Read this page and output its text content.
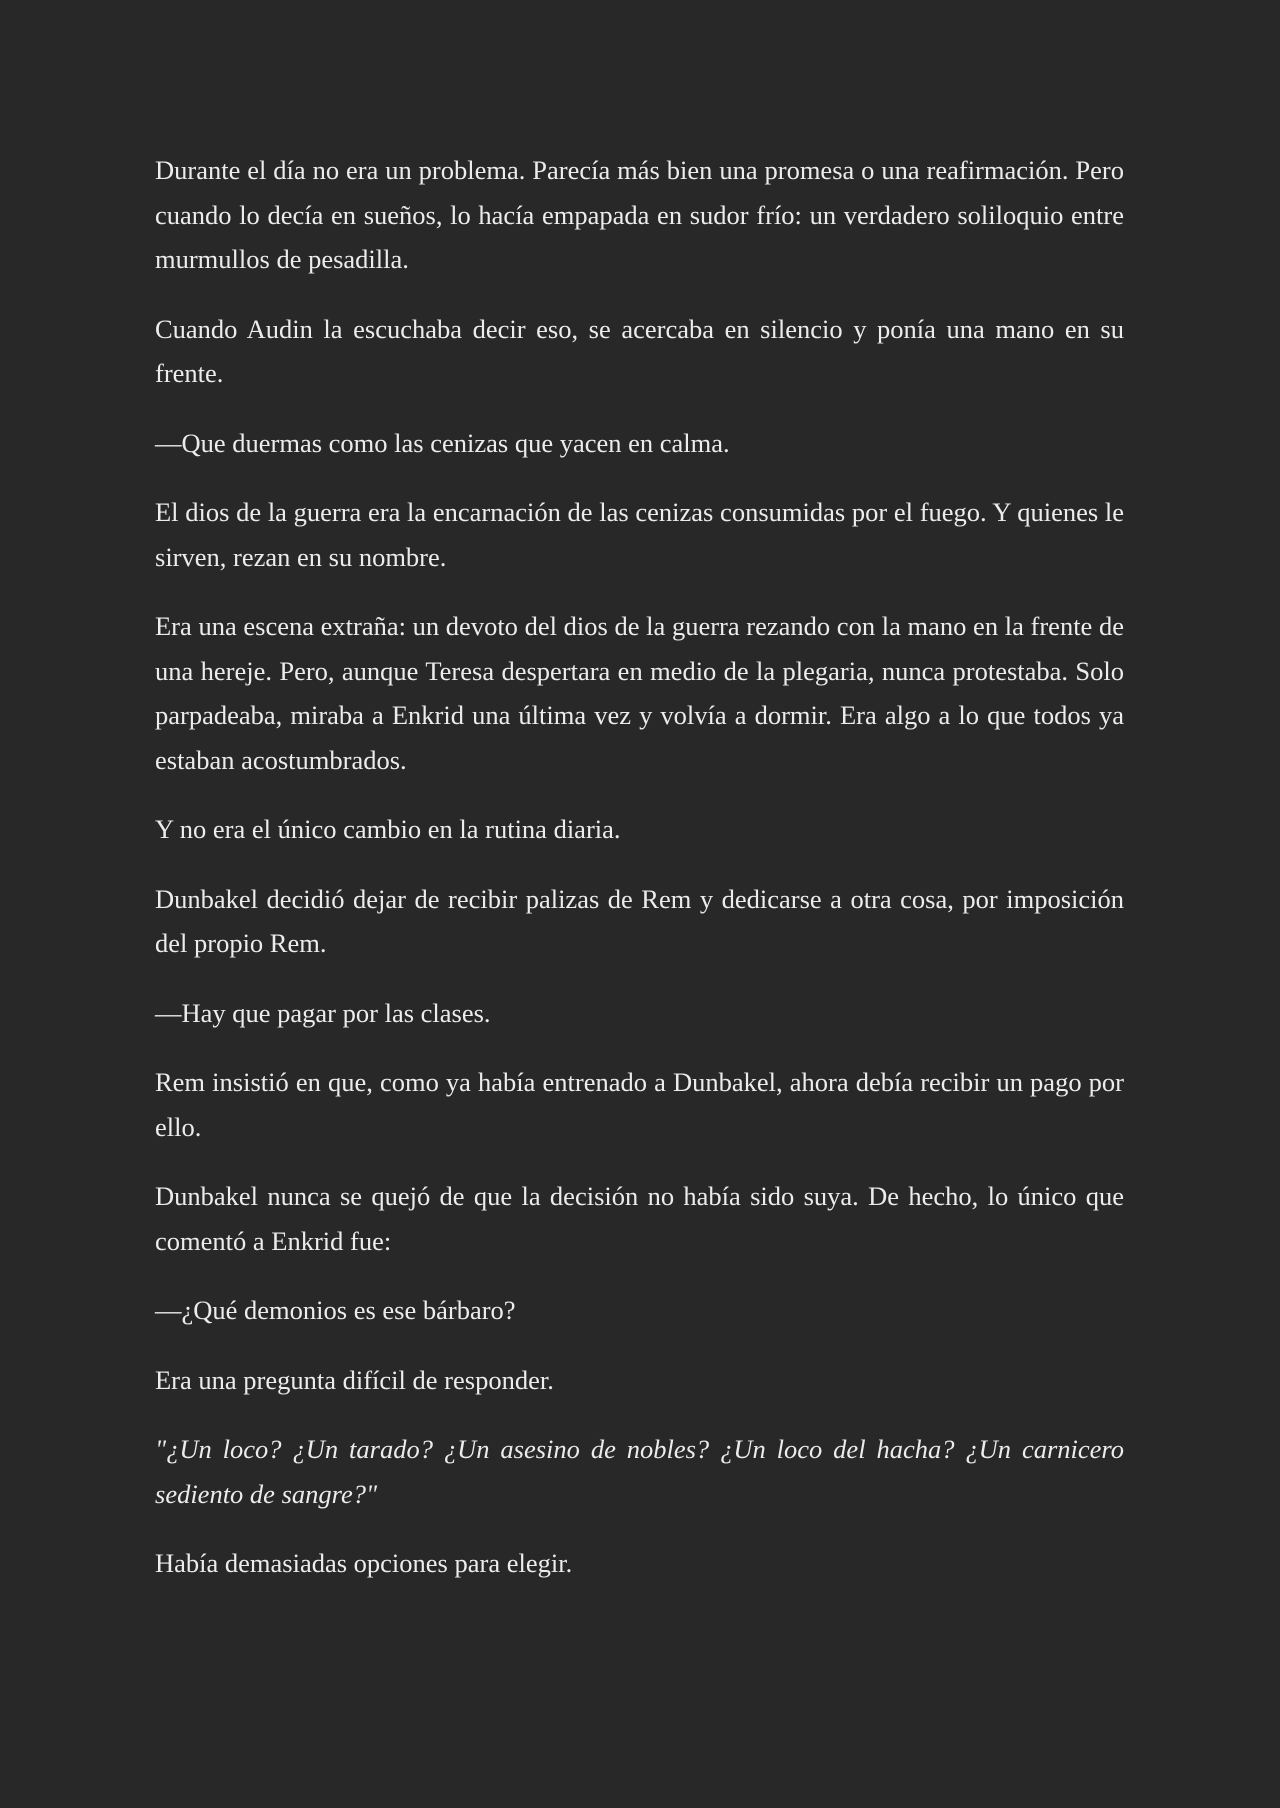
Durante el día no era un problema. Parecía más bien una promesa o una reafirmación. Pero cuando lo decía en sueños, lo hacía empapada en sudor frío: un verdadero soliloquio entre murmullos de pesadilla.

Cuando Audin la escuchaba decir eso, se acercaba en silencio y ponía una mano en su frente.

—Que duermas como las cenizas que yacen en calma.

El dios de la guerra era la encarnación de las cenizas consumidas por el fuego. Y quienes le sirven, rezan en su nombre.

Era una escena extraña: un devoto del dios de la guerra rezando con la mano en la frente de una hereje. Pero, aunque Teresa despertara en medio de la plegaria, nunca protestaba. Solo parpadeaba, miraba a Enkrid una última vez y volvía a dormir. Era algo a lo que todos ya estaban acostumbrados.

Y no era el único cambio en la rutina diaria.

Dunbakel decidió dejar de recibir palizas de Rem y dedicarse a otra cosa, por imposición del propio Rem.

—Hay que pagar por las clases.

Rem insistió en que, como ya había entrenado a Dunbakel, ahora debía recibir un pago por ello.

Dunbakel nunca se quejó de que la decisión no había sido suya. De hecho, lo único que comentó a Enkrid fue:

—¿Qué demonios es ese bárbaro?

Era una pregunta difícil de responder.

"¿Un loco? ¿Un tarado? ¿Un asesino de nobles? ¿Un loco del hacha? ¿Un carnicero sediento de sangre?"

Había demasiadas opciones para elegir.
